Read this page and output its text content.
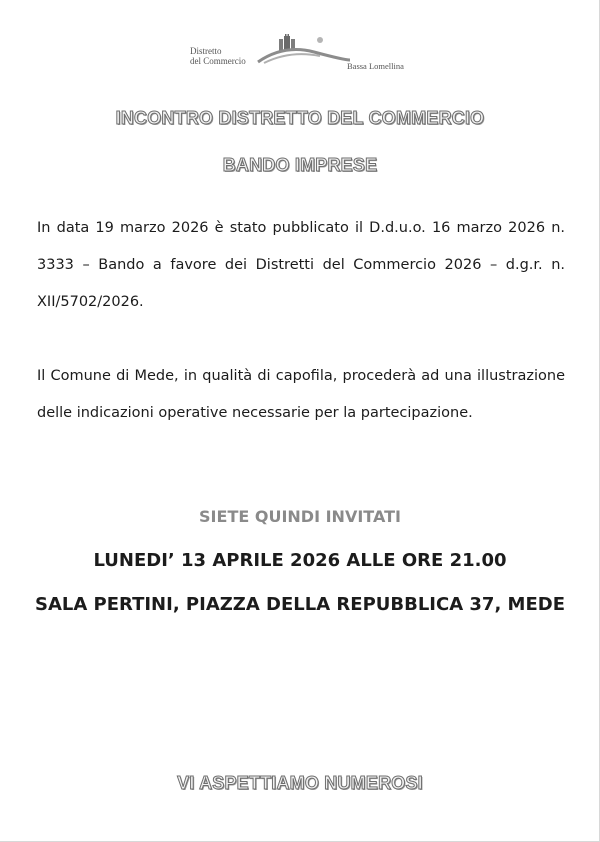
Distretto
del Commercio	Bassa Lomellina
INCONTRO DISTRETTO DEL COMMERCIO
BANDO IMPRESE
In data 19 marzo 2026 è stato pubblicato il D.d.u.o. 16 marzo 2026 n. 3333 – Bando a favore dei Distretti del Commercio 2026 – d.g.r. n. XII/5702/2026.
Il Comune di Mede, in qualità di capofila, procederà ad una illustrazione delle indicazioni operative necessarie per la partecipazione.
SIETE QUINDI INVITATI
LUNEDI’ 13 APRILE 2026 ALLE ORE 21.00
SALA PERTINI, PIAZZA DELLA REPUBBLICA 37, MEDE
VI ASPETTIAMO NUMEROSI
